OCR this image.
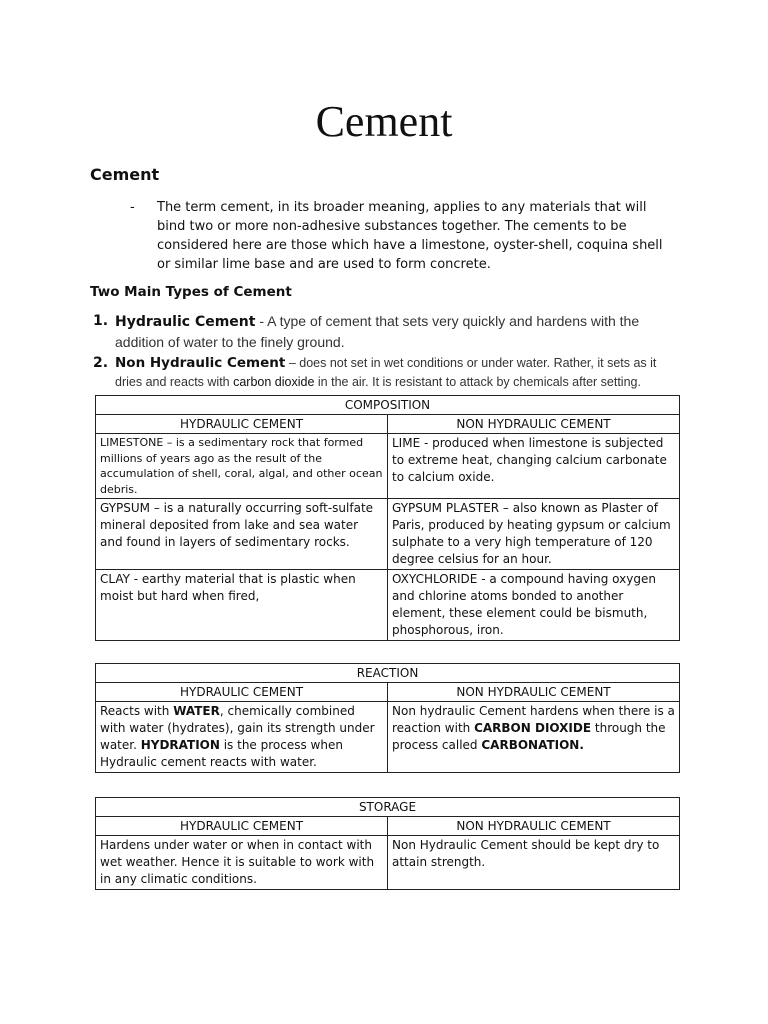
Cement
Cement
-	The term cement, in its broader meaning, applies to any materials that will bind two or more non-adhesive substances together. The cements to be considered here are those which have a limestone, oyster-shell, coquina shell or similar lime base and are used to form concrete.
Two Main Types of Cement
1. Hydraulic Cement - A type of cement that sets very quickly and hardens with the addition of water to the finely ground.
2. Non Hydraulic Cement – does not set in wet conditions or under water. Rather, it sets as it dries and reacts with carbon dioxide in the air. It is resistant to attack by chemicals after setting.
COMPOSITION	
HYDRAULIC CEMENT	NON HYDRAULIC CEMENT
LIMESTONE – is a sedimentary rock that formed millions of years ago as the result of the accumulation of shell, coral, algal, and other ocean debris.	LIME - produced when limestone is subjected to extreme heat, changing calcium carbonate to calcium oxide.
GYPSUM – is a naturally occurring soft-sulfate mineral deposited from lake and sea water and found in layers of sedimentary rocks.	GYPSUM PLASTER – also known as Plaster of Paris, produced by heating gypsum or calcium sulphate to a very high temperature of 120 degree celsius for an hour.
CLAY - earthy material that is plastic when moist but hard when fired,	OXYCHLORIDE - a compound having oxygen and chlorine atoms bonded to another element, these element could be bismuth, phosphorous, iron.
REACTION	
HYDRAULIC CEMENT	NON HYDRAULIC CEMENT
Reacts with WATER, chemically combined with water (hydrates), gain its strength under water. HYDRATION is the process when Hydraulic cement reacts with water.	Non hydraulic Cement hardens when there is a reaction with CARBON DIOXIDE through the process called CARBONATION.
STORAGE	
HYDRAULIC CEMENT	NON HYDRAULIC CEMENT
Hardens under water or when in contact with wet weather. Hence it is suitable to work with in any climatic conditions.	Non Hydraulic Cement should be kept dry to attain strength.
